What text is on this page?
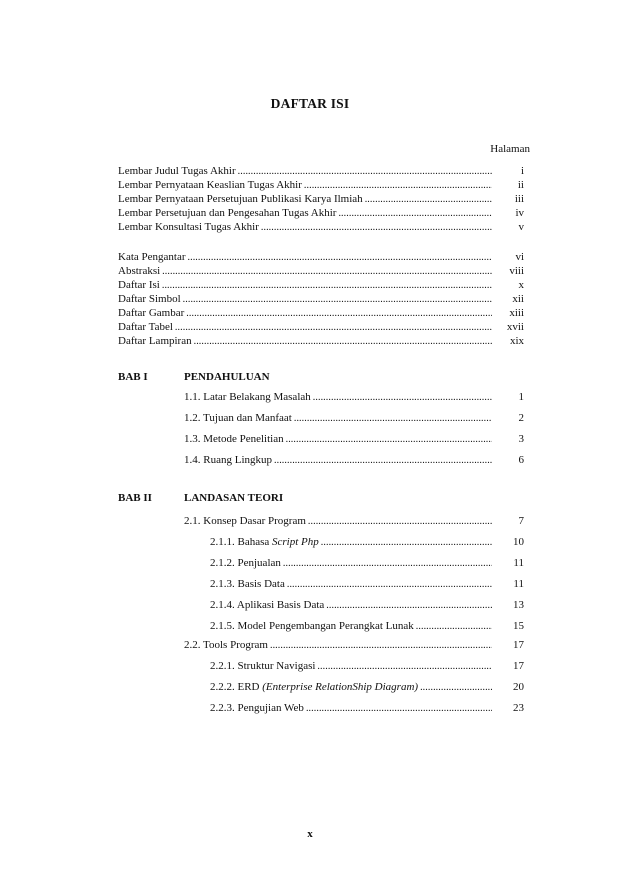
DAFTAR ISI
Halaman
Lembar Judul Tugas Akhir . . .	i
Lembar Pernyataan Keaslian Tugas Akhir . . .	ii
Lembar Pernyataan Persetujuan Publikasi Karya Ilmiah . . .	iii
Lembar Persetujuan dan Pengesahan Tugas Akhir . . .	iv
Lembar Konsultasi Tugas Akhir . . .	v
Kata Pengantar . . .	vi
Abstraksi . . .	viii
Daftar Isi . . .	x
Daftar Simbol . . .	xii
Daftar Gambar . . .	xiii
Daftar Tabel . . .	xvii
Daftar Lampiran . . .	xix
BAB I	PENDAHULUAN
1.1. Latar Belakang Masalah . . .	1
1.2. Tujuan dan Manfaat . . .	2
1.3. Metode Penelitian . . .	3
1.4. Ruang Lingkup . . .	6
BAB II	LANDASAN TEORI
2.1. Konsep Dasar Program . . .	7
2.1.1. Bahasa Script Php . . .	10
2.1.2. Penjualan . . .	11
2.1.3. Basis Data . . .	11
2.1.4. Aplikasi Basis Data . . .	13
2.1.5. Model Pengembangan Perangkat Lunak . . .	15
2.2. Tools Program . . .	17
2.2.1. Struktur Navigasi . . .	17
2.2.2. ERD (Enterprise RelationShip Diagram) . . .	20
2.2.3. Pengujian Web . . .	23
x
